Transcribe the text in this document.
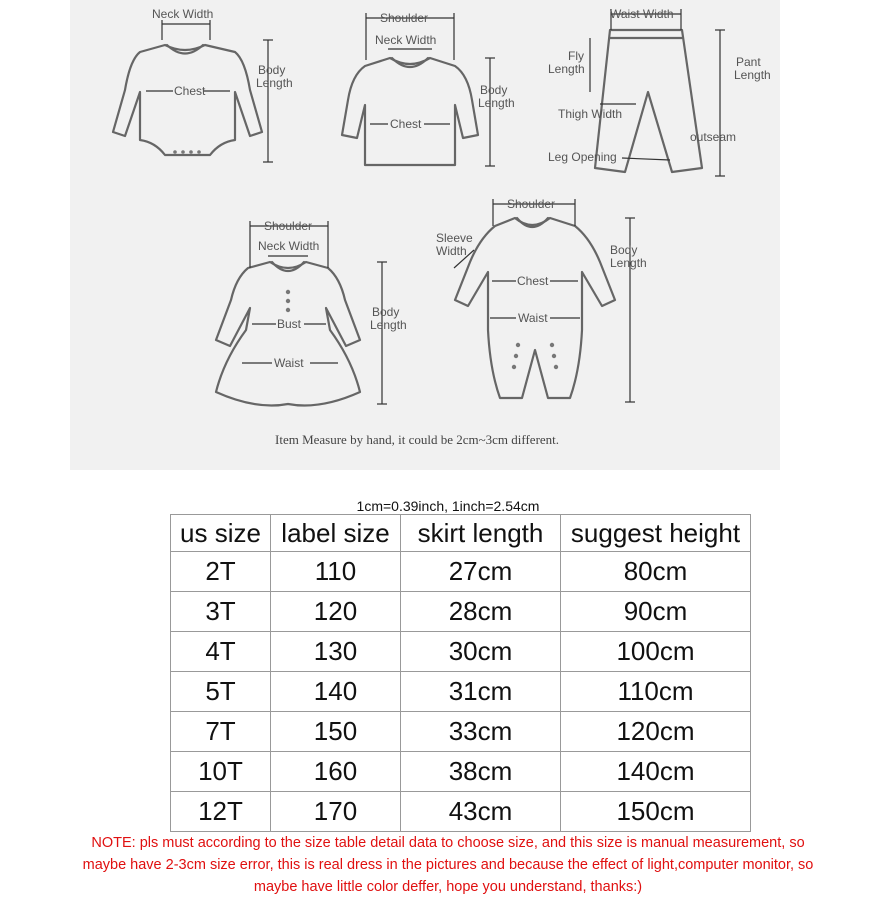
Neck Width
Chest
Body
Length
Shoulder
Neck Width
Chest
Body
Length
Waist Width
Fly
Length	Pant
Length
Thigh Width
outseam
Leg Opening
Shoulder
Neck Width
Bust
Waist
Body
Length
Shoulder
Sleeve
Width
Chest
Waist
Body
Length
Item Measure by hand, it could be 2cm~3cm different.
1cm=0.39inch, 1inch=2.54cm
us size	label size	skirt length	suggest height
2T	110	27cm	80cm
3T	120	28cm	90cm
4T	130	30cm	100cm
5T	140	31cm	110cm
7T	150	33cm	120cm
10T	160	38cm	140cm
12T	170	43cm	150cm
NOTE: pls must according to the size table detail data to choose size, and this size is manual measurement, so
maybe have 2-3cm size error, this is real dress in the pictures and because the effect of light,computer monitor, so
maybe have little color deffer, hope you understand, thanks:)
